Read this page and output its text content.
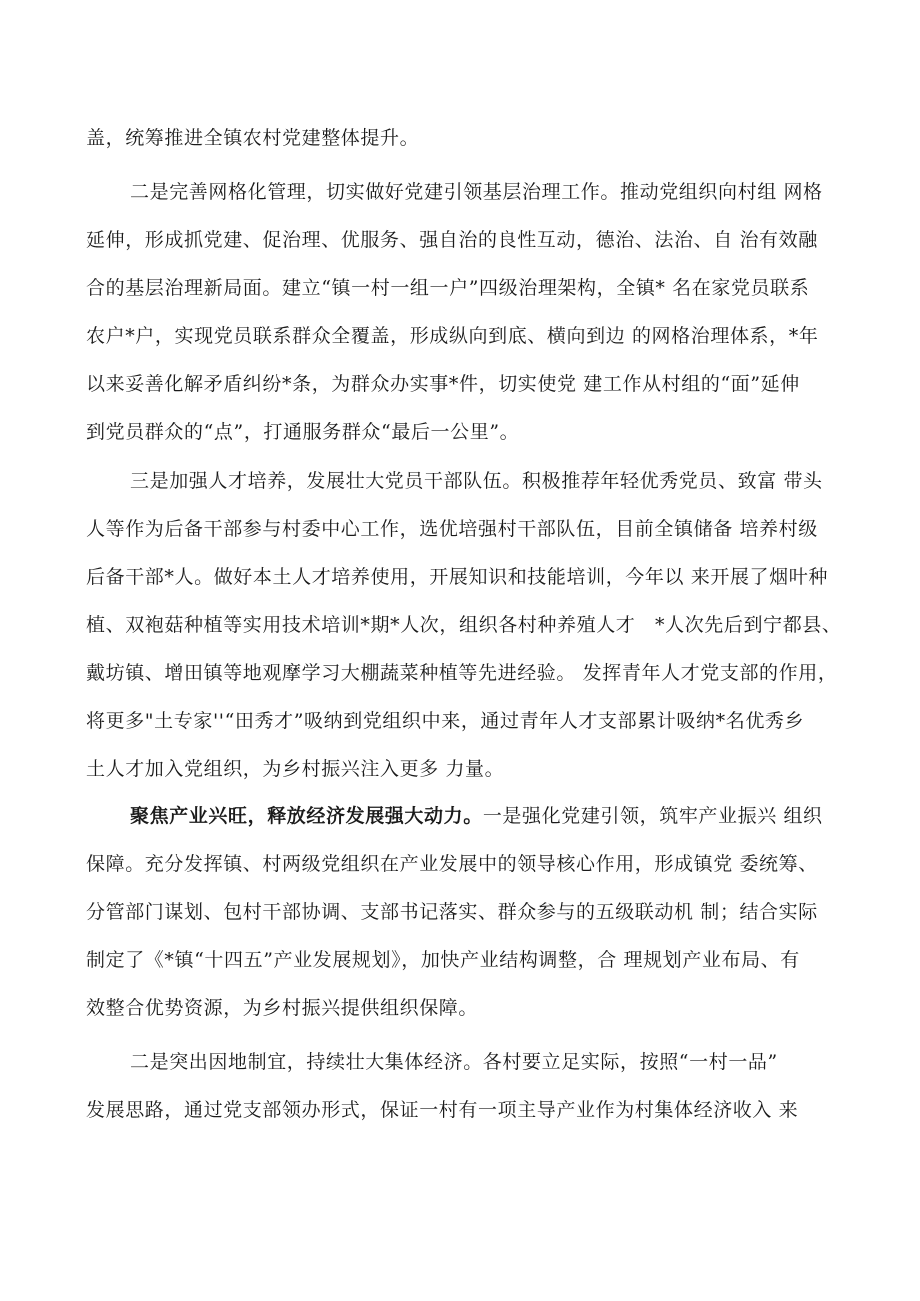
盖，统筹推进全镇农村党建整体提升。
二是完善网格化管理，切实做好党建引领基层治理工作。推动党组织向村组 网格
延伸，形成抓党建、促治理、优服务、强自治的良性互动，德治、法治、自 治有效融
合的基层治理新局面。建立“镇一村一组一户”四级治理架构，全镇* 名在家党员联系
农户*户，实现党员联系群众全覆盖，形成纵向到底、横向到边 的网格治理体系，*年
以来妥善化解矛盾纠纷*条，为群众办实事*件，切实使党 建工作从村组的“面”延伸
到党员群众的“点”，打通服务群众“最后一公里”。
三是加强人才培养，发展壮大党员干部队伍。积极推荐年轻优秀党员、致富 带头
人等作为后备干部参与村委中心工作，选优培强村干部队伍，目前全镇储备 培养村级
后备干部*人。做好本土人才培养使用，开展知识和技能培训，今年以 来开展了烟叶种
植、双袍菇种植等实用技术培训*期*人次，组织各村种养殖人才　*人次先后到宁都县、
戴坊镇、增田镇等地观摩学习大棚蔬菜种植等先进经验。 发挥青年人才党支部的作用，
将更多"土专家''“田秀才”吸纳到党组织中来，通过青年人才支部累计吸纳*名优秀乡
土人才加入党组织，为乡村振兴注入更多 力量。
聚焦产业兴旺，释放经济发展强大动力。一是强化党建引领，筑牢产业振兴 组织
保障。充分发挥镇、村两级党组织在产业发展中的领导核心作用，形成镇党 委统筹、
分管部门谋划、包村干部协调、支部书记落实、群众参与的五级联动机 制；结合实际
制定了《*镇“十四五”产业发展规划》，加快产业结构调整，合 理规划产业布局、有
效整合优势资源，为乡村振兴提供组织保障。
二是突出因地制宜，持续壮大集体经济。各村要立足实际，按照“一村一品”
发展思路，通过党支部领办形式，保证一村有一项主导产业作为村集体经济收入 来
